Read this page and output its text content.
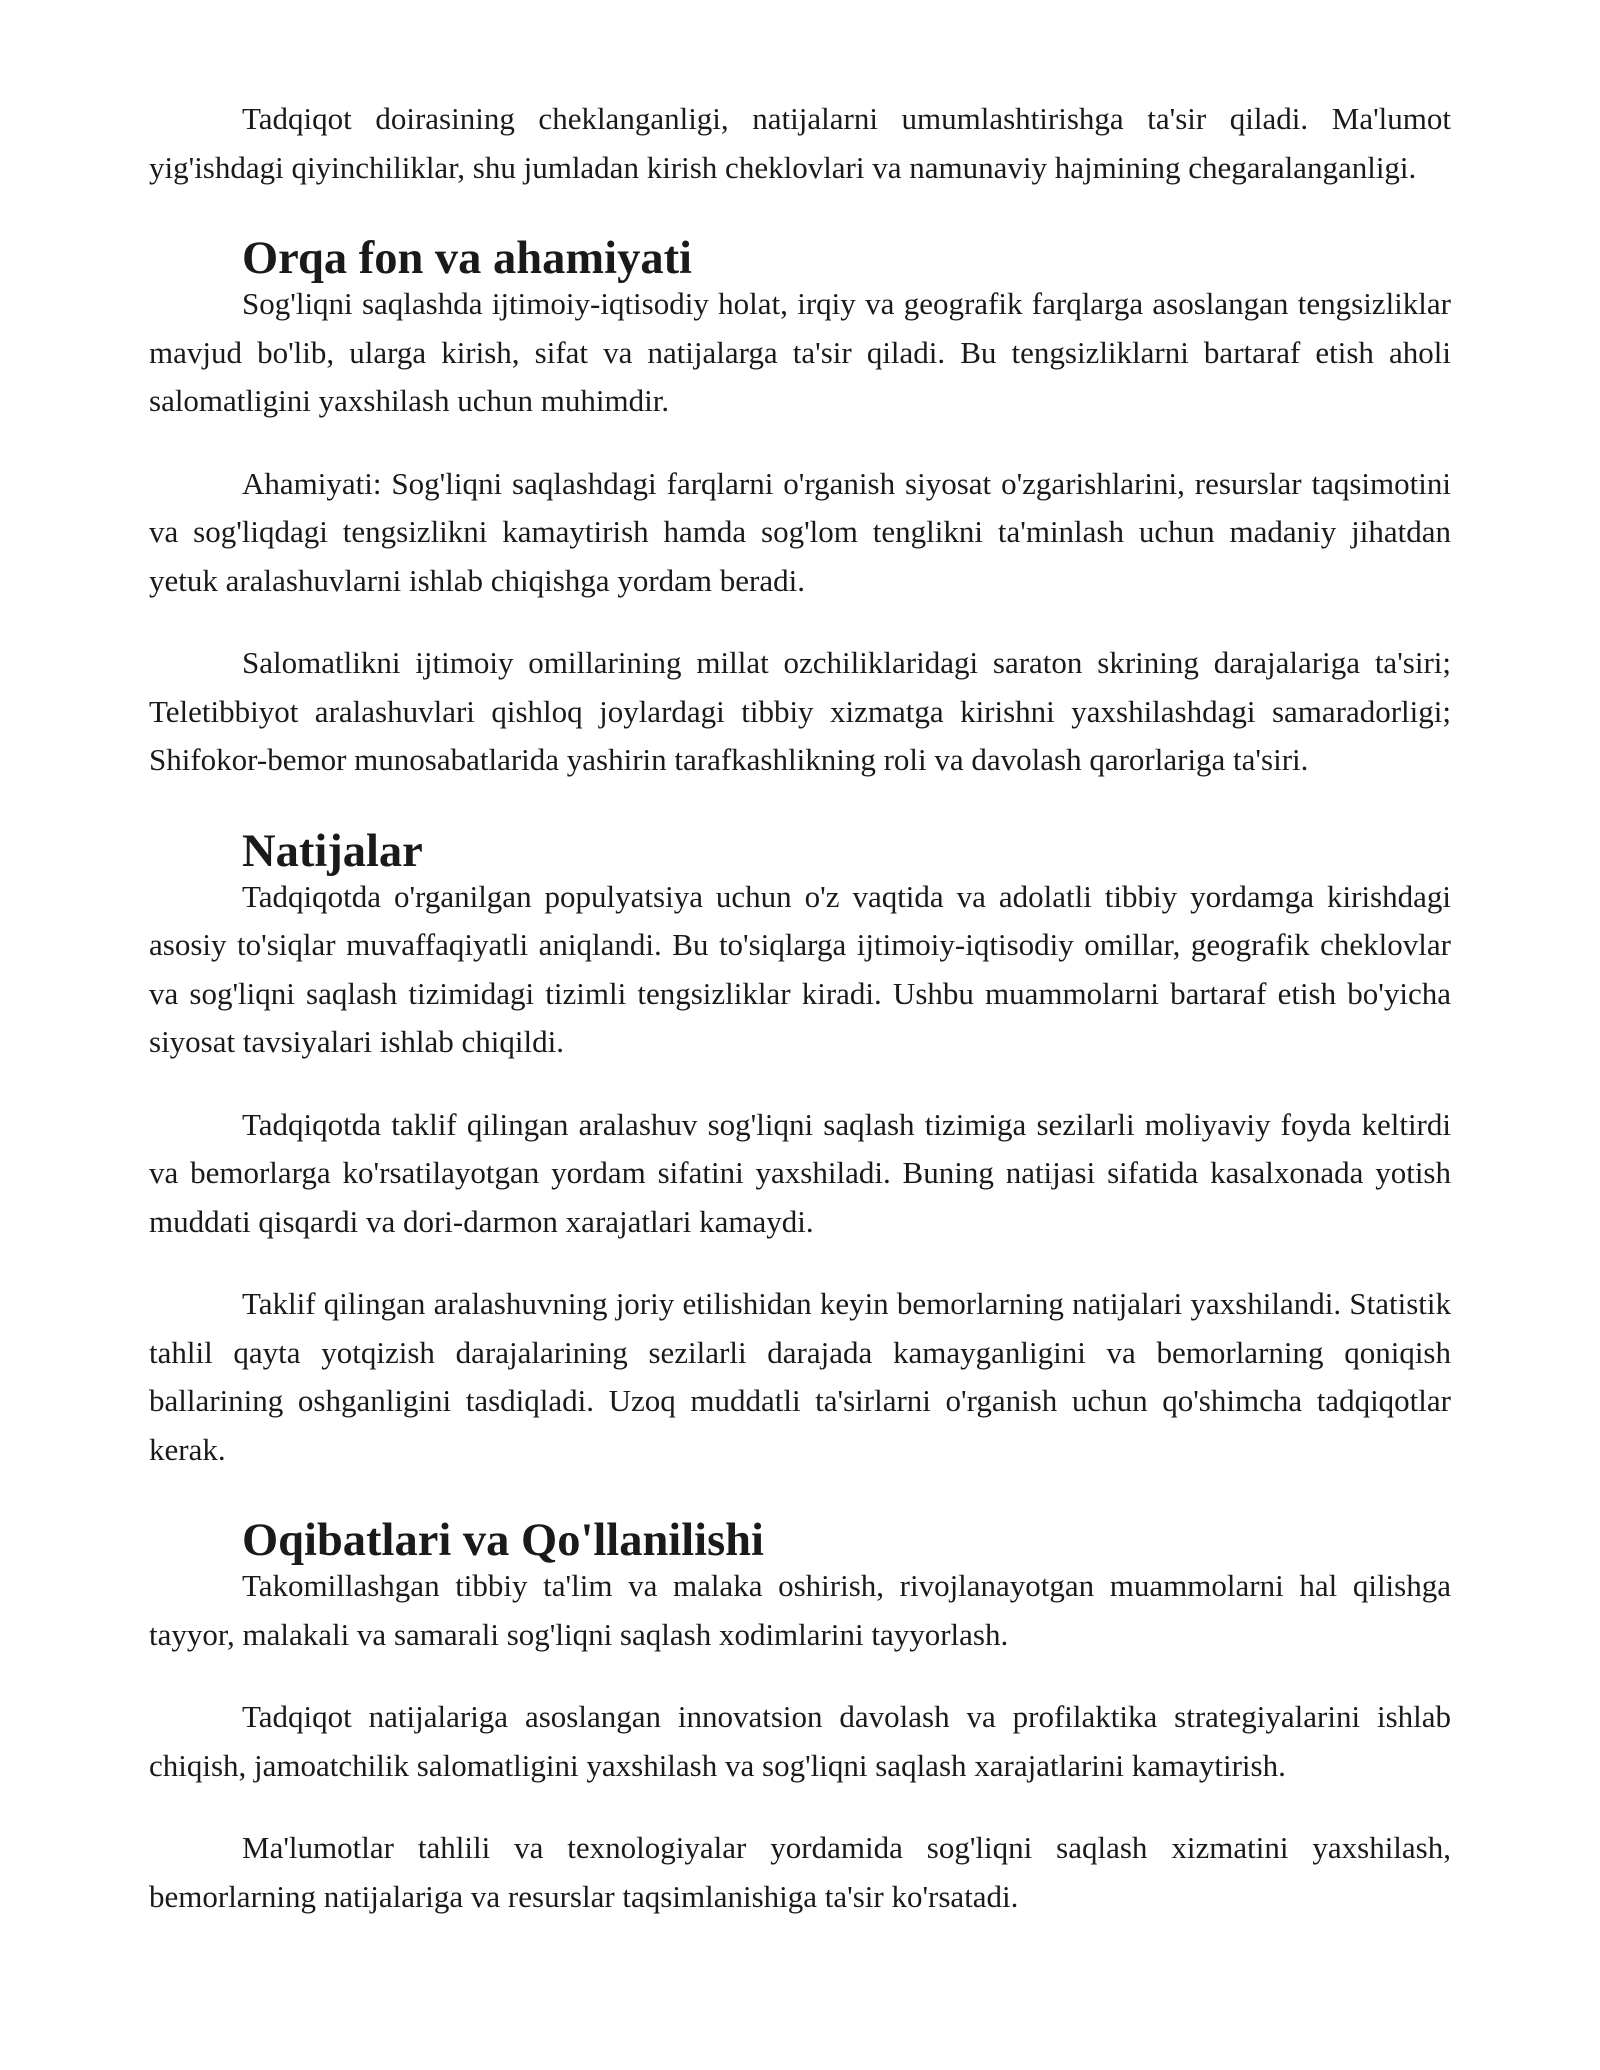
Tadqiqot doirasining cheklanganligi, natijalarni umumlashtirishga ta'sir qiladi. Ma'lumot yig'ishdagi qiyinchiliklar, shu jumladan kirish cheklovlari va namunaviy hajmining chegaralanganligi.

Orqa fon va ahamiyati

Sog'liqni saqlashda ijtimoiy-iqtisodiy holat, irqiy va geografik farqlarga asoslangan tengsizliklar mavjud bo'lib, ularga kirish, sifat va natijalarga ta'sir qiladi. Bu tengsizliklarni bartaraf etish aholi salomatligini yaxshilash uchun muhimdir.

Ahamiyati: Sog'liqni saqlashdagi farqlarni o'rganish siyosat o'zgarishlarini, resurslar taqsimotini va sog'liqdagi tengsizlikni kamaytirish hamda sog'lom tenglikni ta'minlash uchun madaniy jihatdan yetuk aralashuvlarni ishlab chiqishga yordam beradi.

Salomatlikni ijtimoiy omillarining millat ozchiliklaridagi saraton skrining darajalariga ta'siri; Teletibbiyot aralashuvlari qishloq joylardagi tibbiy xizmatga kirishni yaxshilashdagi samaradorligi; Shifokor-bemor munosabatlarida yashirin tarafkashlikning roli va davolash qarorlariga ta'siri.

Natijalar

Tadqiqotda o'rganilgan populyatsiya uchun o'z vaqtida va adolatli tibbiy yordamga kirishdagi asosiy to'siqlar muvaffaqiyatli aniqlandi. Bu to'siqlarga ijtimoiy-iqtisodiy omillar, geografik cheklovlar va sog'liqni saqlash tizimidagi tizimli tengsizliklar kiradi. Ushbu muammolarni bartaraf etish bo'yicha siyosat tavsiyalari ishlab chiqildi.

Tadqiqotda taklif qilingan aralashuv sog'liqni saqlash tizimiga sezilarli moliyaviy foyda keltirdi va bemorlarga ko'rsatilayotgan yordam sifatini yaxshiladi. Buning natijasi sifatida kasalxonada yotish muddati qisqardi va dori-darmon xarajatlari kamaydi.

Taklif qilingan aralashuvning joriy etilishidan keyin bemorlarning natijalari yaxshilandi. Statistik tahlil qayta yotqizish darajalarining sezilarli darajada kamayganligini va bemorlarning qoniqish ballarining oshganligini tasdiqladi. Uzoq muddatli ta'sirlarni o'rganish uchun qo'shimcha tadqiqotlar kerak.

Oqibatlari va Qo'llanilishi

Takomillashgan tibbiy ta'lim va malaka oshirish, rivojlanayotgan muammolarni hal qilishga tayyor, malakali va samarali sog'liqni saqlash xodimlarini tayyorlash.

Tadqiqot natijalariga asoslangan innovatsion davolash va profilaktika strategiyalarini ishlab chiqish, jamoatchilik salomatligini yaxshilash va sog'liqni saqlash xarajatlarini kamaytirish.

Ma'lumotlar tahlili va texnologiyalar yordamida sog'liqni saqlash xizmatini yaxshilash, bemorlarning natijalariga va resurslar taqsimlanishiga ta'sir ko'rsatadi.
